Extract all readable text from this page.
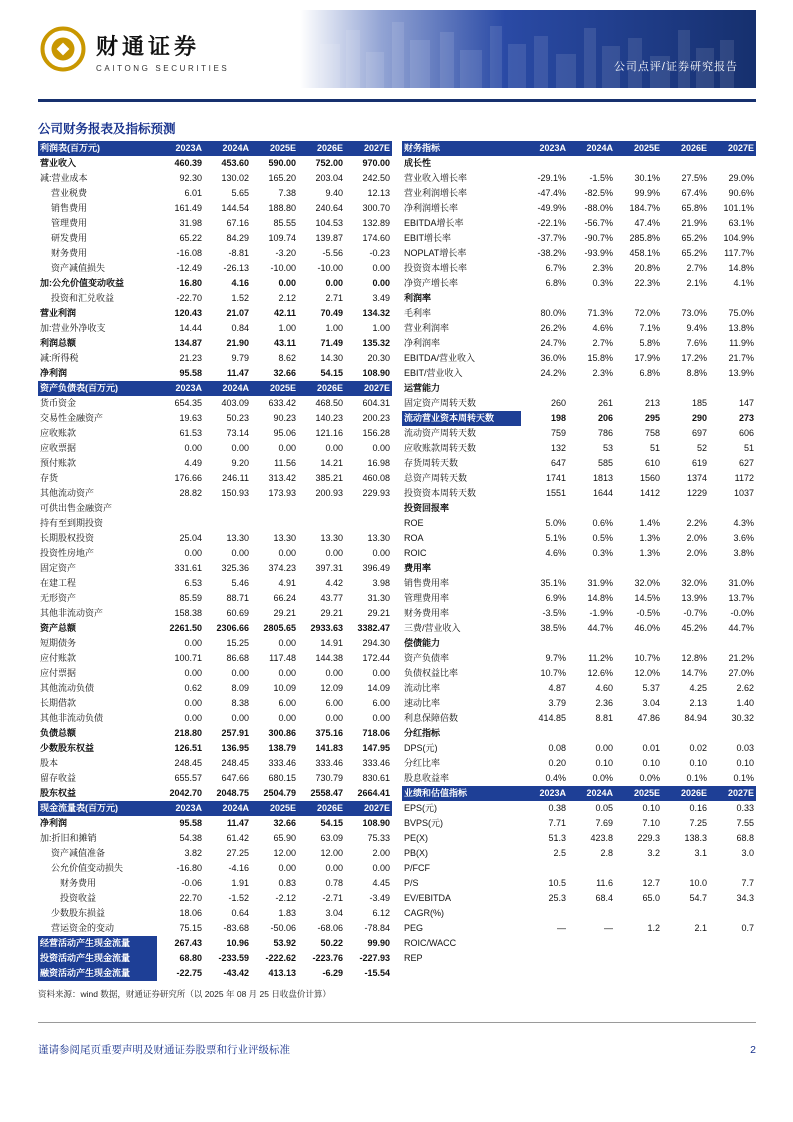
公司点评/证券研究报告
财通证券
CAITONG SECURITIES
公司财务报表及指标预测
利润表(百万元)	2023A	2024A	2025E	2026E	2027E
营业收入	460.39	453.60	590.00	752.00	970.00
减:营业成本	92.30	130.02	165.20	203.04	242.50
营业税费	6.01	5.65	7.38	9.40	12.13
销售费用	161.49	144.54	188.80	240.64	300.70
管理费用	31.98	67.16	85.55	104.53	132.89
研发费用	65.22	84.29	109.74	139.87	174.60
财务费用	-16.08	-8.81	-3.20	-5.56	-0.23
资产减值损失	-12.49	-26.13	-10.00	-10.00	0.00
加:公允价值变动收益	16.80	4.16	0.00	0.00	0.00
投资和汇兑收益	-22.70	1.52	2.12	2.71	3.49
营业利润	120.43	21.07	42.11	70.49	134.32
加:营业外净收支	14.44	0.84	1.00	1.00	1.00
利润总额	134.87	21.90	43.11	71.49	135.32
减:所得税	21.23	9.79	8.62	14.30	20.30
净利润	95.58	11.47	32.66	54.15	108.90
资产负债表(百万元)	2023A	2024A	2025E	2026E	2027E
货币资金	654.35	403.09	633.42	468.50	604.31
交易性金融资产	19.63	50.23	90.23	140.23	200.23
应收账款	61.53	73.14	95.06	121.16	156.28
应收票据	0.00	0.00	0.00	0.00	0.00
预付账款	4.49	9.20	11.56	14.21	16.98
存货	176.66	246.11	313.42	385.21	460.08
其他流动资产	28.82	150.93	173.93	200.93	229.93
可供出售金融资产
持有至到期投资
长期股权投资	25.04	13.30	13.30	13.30	13.30
投资性房地产	0.00	0.00	0.00	0.00	0.00
固定资产	331.61	325.36	374.23	397.31	396.49
在建工程	6.53	5.46	4.91	4.42	3.98
无形资产	85.59	88.71	66.24	43.77	31.30
其他非流动资产	158.38	60.69	29.21	29.21	29.21
资产总额	2261.50	2306.66	2805.65	2933.63	3382.47
短期债务	0.00	15.25	0.00	14.91	294.30
应付账款	100.71	86.68	117.48	144.38	172.44
应付票据	0.00	0.00	0.00	0.00	0.00
其他流动负债	0.62	8.09	10.09	12.09	14.09
长期借款	0.00	8.38	6.00	6.00	6.00
其他非流动负债	0.00	0.00	0.00	0.00	0.00
负债总额	218.80	257.91	300.86	375.16	718.06
少数股东权益	126.51	136.95	138.79	141.83	147.95
股本	248.45	248.45	333.46	333.46	333.46
留存收益	655.57	647.66	680.15	730.79	830.61
股东权益	2042.70	2048.75	2504.79	2558.47	2664.41
现金流量表(百万元)	2023A	2024A	2025E	2026E	2027E
净利润	95.58	11.47	32.66	54.15	108.90
加:折旧和摊销	54.38	61.42	65.90	63.09	75.33
资产减值准备	3.82	27.25	12.00	12.00	2.00
公允价值变动损失	-16.80	-4.16	0.00	0.00	0.00
财务费用	-0.06	1.91	0.83	0.78	4.45
投资收益	22.70	-1.52	-2.12	-2.71	-3.49
少数股东损益	18.06	0.64	1.83	3.04	6.12
营运资金的变动	75.15	-83.68	-50.06	-68.06	-78.84
经营活动产生现金流量	267.43	10.96	53.92	50.22	99.90
投资活动产生现金流量	68.80	-233.59	-222.62	-223.76	-227.93
融资活动产生现金流量	-22.75	-43.42	413.13	-6.29	-15.54
财务指标	2023A	2024A	2025E	2026E	2027E
成长性
营业收入增长率	-29.1%	-1.5%	30.1%	27.5%	29.0%
营业利润增长率	-47.4%	-82.5%	99.9%	67.4%	90.6%
净利润增长率	-49.9%	-88.0%	184.7%	65.8%	101.1%
EBITDA增长率	-22.1%	-56.7%	47.4%	21.9%	63.1%
EBIT增长率	-37.7%	-90.7%	285.8%	65.2%	104.9%
NOPLAT增长率	-38.2%	-93.9%	458.1%	65.2%	117.7%
投资资本增长率	6.7%	2.3%	20.8%	2.7%	14.8%
净资产增长率	6.8%	0.3%	22.3%	2.1%	4.1%
利润率
毛利率	80.0%	71.3%	72.0%	73.0%	75.0%
营业利润率	26.2%	4.6%	7.1%	9.4%	13.8%
净利润率	24.7%	2.7%	5.8%	7.6%	11.9%
EBITDA/营业收入	36.0%	15.8%	17.9%	17.2%	21.7%
EBIT/营业收入	24.2%	2.3%	6.8%	8.8%	13.9%
运营能力
固定资产周转天数	260	261	213	185	147
流动营业资本周转天数	198	206	295	290	273
流动资产周转天数	759	786	758	697	606
应收账款周转天数	132	53	51	52	51
存货周转天数	647	585	610	619	627
总资产周转天数	1741	1813	1560	1374	1172
投资资本周转天数	1551	1644	1412	1229	1037
投资回报率
ROE	5.0%	0.6%	1.4%	2.2%	4.3%
ROA	5.1%	0.5%	1.3%	2.0%	3.6%
ROIC	4.6%	0.3%	1.3%	2.0%	3.8%
费用率
销售费用率	35.1%	31.9%	32.0%	32.0%	31.0%
管理费用率	6.9%	14.8%	14.5%	13.9%	13.7%
财务费用率	-3.5%	-1.9%	-0.5%	-0.7%	-0.0%
三费/营业收入	38.5%	44.7%	46.0%	45.2%	44.7%
偿债能力
资产负债率	9.7%	11.2%	10.7%	12.8%	21.2%
负债权益比率	10.7%	12.6%	12.0%	14.7%	27.0%
流动比率	4.87	4.60	5.37	4.25	2.62
速动比率	3.79	2.36	3.04	2.13	1.40
利息保障倍数	414.85	8.81	47.86	84.94	30.32
分红指标
DPS(元)	0.08	0.00	0.01	0.02	0.03
分红比率	0.20	0.10	0.10	0.10	0.10
股息收益率	0.4%	0.0%	0.0%	0.1%	0.1%
业绩和估值指标	2023A	2024A	2025E	2026E	2027E
EPS(元)	0.38	0.05	0.10	0.16	0.33
BVPS(元)	7.71	7.69	7.10	7.25	7.55
PE(X)	51.3	423.8	229.3	138.3	68.8
PB(X)	2.5	2.8	3.2	3.1	3.0
P/FCF
P/S	10.5	11.6	12.7	10.0	7.7
EV/EBITDA	25.3	68.4	65.0	54.7	34.3
CAGR(%)
PEG	—	—	1.2	2.1	0.7
ROIC/WACC
REP

资料来源：wind 数据，财通证券研究所（以 2025 年 08 月 25 日收盘价计算）

谨请参阅尾页重要声明及财通证券股票和行业评级标准	2
